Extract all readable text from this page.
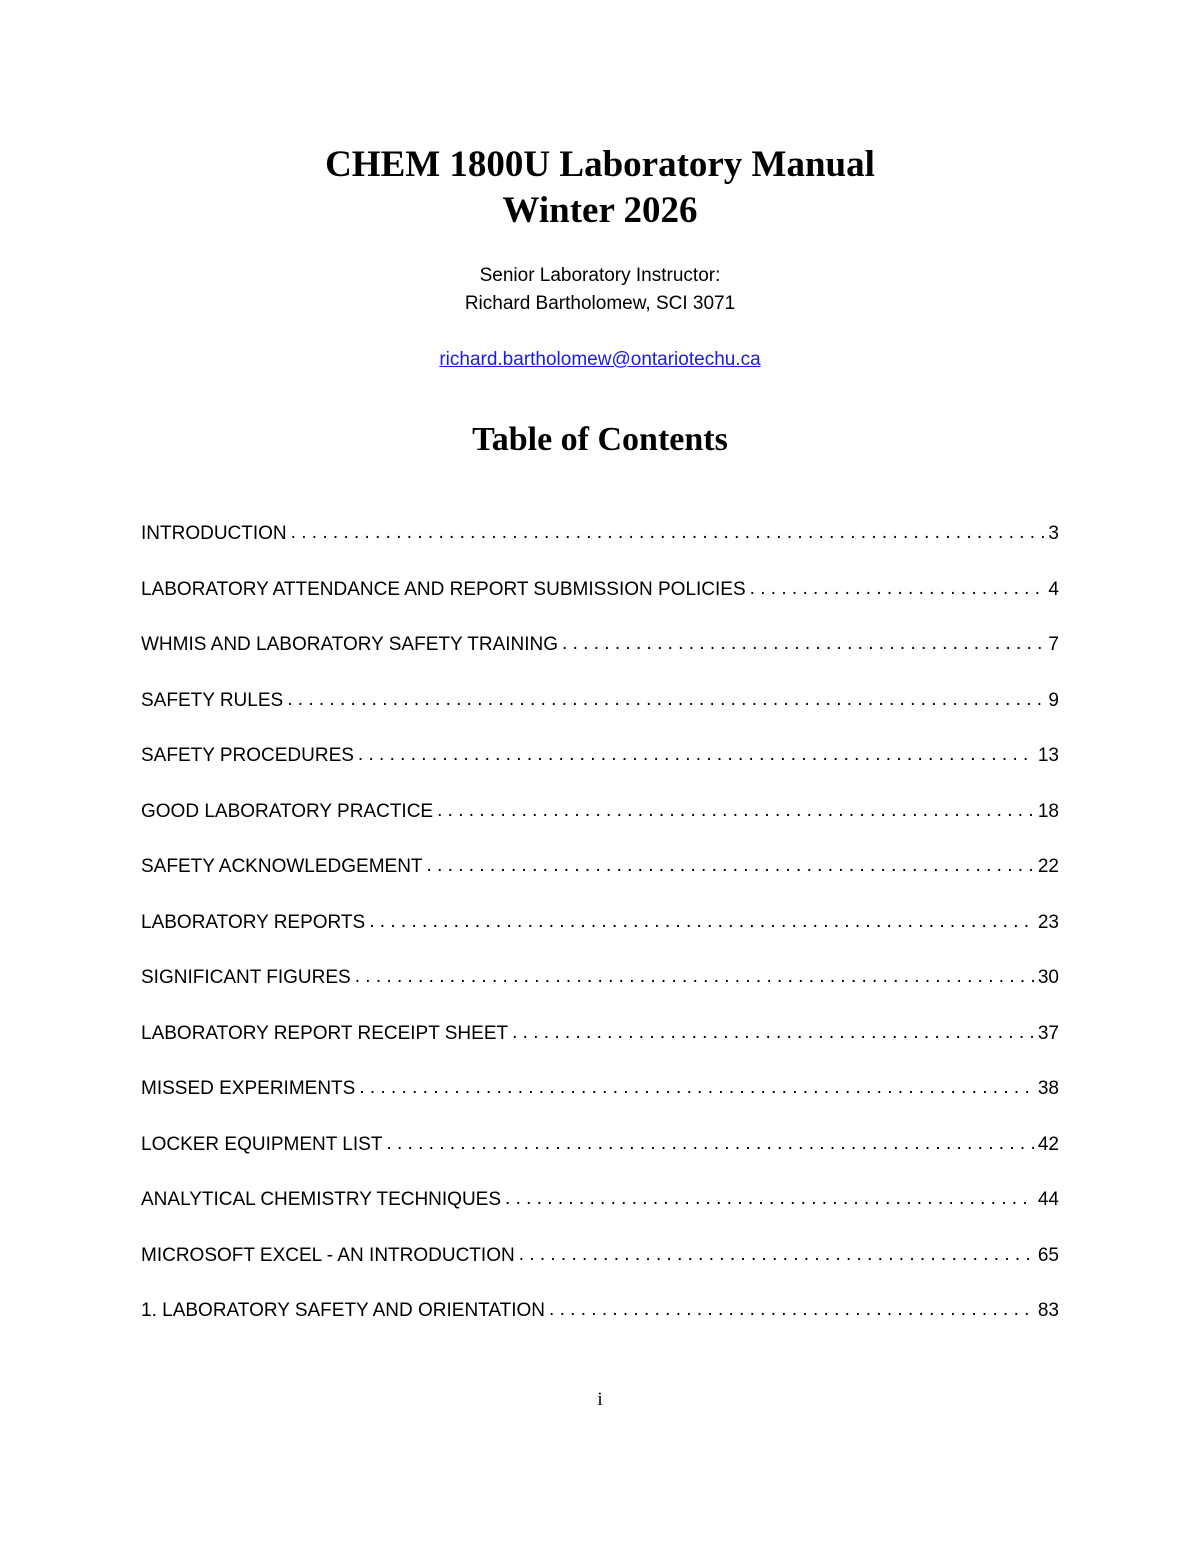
CHEM 1800U Laboratory Manual
Winter 2026
Senior Laboratory Instructor:
Richard Bartholomew, SCI 3071
richard.bartholomew@ontariotechu.ca
Table of Contents
INTRODUCTION . . .	3
LABORATORY ATTENDANCE AND REPORT SUBMISSION POLICIES . . .	4
WHMIS AND LABORATORY SAFETY TRAINING . . .	7
SAFETY RULES . . .	9
SAFETY PROCEDURES . . .	13
GOOD LABORATORY PRACTICE . . .	18
SAFETY ACKNOWLEDGEMENT . . .	22
LABORATORY REPORTS . . .	23
SIGNIFICANT FIGURES . . .	30
LABORATORY REPORT RECEIPT SHEET . . .	37
MISSED EXPERIMENTS . . .	38
LOCKER EQUIPMENT LIST . . .	42
ANALYTICAL CHEMISTRY TECHNIQUES . . .	44
MICROSOFT EXCEL - AN INTRODUCTION . . .	65
1. LABORATORY SAFETY AND ORIENTATION . . .	83
i
